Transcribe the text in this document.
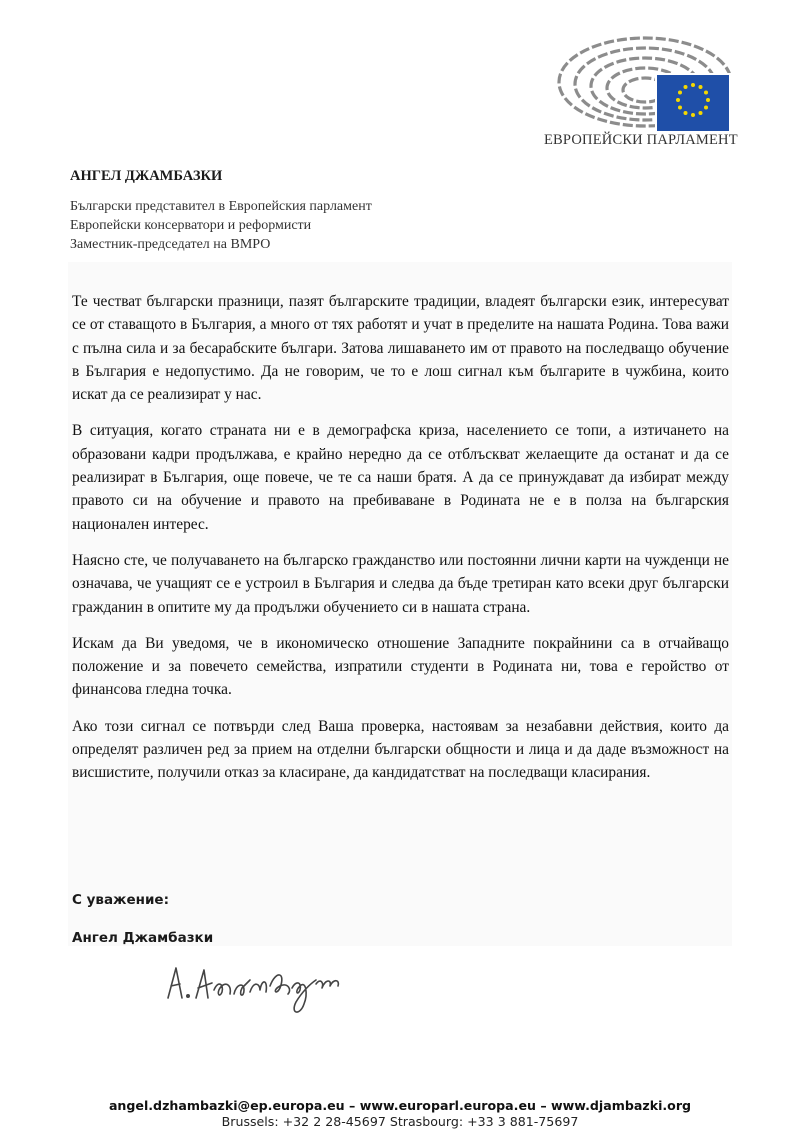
ЕВРОПЕЙСКИ ПАРЛАМЕНТ
АНГЕЛ ДЖАМБАЗКИ
Български представител в Европейския парламент
Европейски консерватори и реформисти
Заместник-председател на ВМРО

Те честват български празници, пазят българските традиции, владеят български език, интересуват се от ставащото в България, а много от тях работят и учат в пределите на нашата Родина. Това важи с пълна сила и за бесарабските българи. Затова лишаването им от правото на последващо обучение в България е недопустимо. Да не говорим, че то е лош сигнал към българите в чужбина, които искат да се реализират у нас.

В ситуация, когато страната ни е в демографска криза, населението се топи, а изтичането на образовани кадри продължава, е крайно нередно да се отблъскват желаещите да останат и да се реализират в България, още повече, че те са наши братя. А да се принуждават да избират между правото си на обучение и правото на пребиваване в Родината не е в полза на българския национален интерес.

Наясно сте, че получаването на българско гражданство или постоянни лични карти на чужденци не означава, че учащият се е устроил в България и следва да бъде третиран като всеки друг български гражданин в опитите му да продължи обучението си в нашата страна.

Искам да Ви уведомя, че в икономическо отношение Западните покрайнини са в отчайващо положение и за повечето семейства, изпратили студенти в Родината ни, това е геройство от финансова гледна точка.

Ако този сигнал се потвърди след Ваша проверка, настоявам за незабавни действия, които да определят различен ред за прием на отделни български общности и лица и да даде възможност на висшистите, получили отказ за класиране, да кандидатстват на последващи класирания.

С уважение:
Ангел Джамбазки
angel.dzhambazki@ep.europa.eu – www.europarl.europa.eu – www.djambazki.org
Brussels: +32 2 28-45697 Strasbourg: +33 3 881-75697
